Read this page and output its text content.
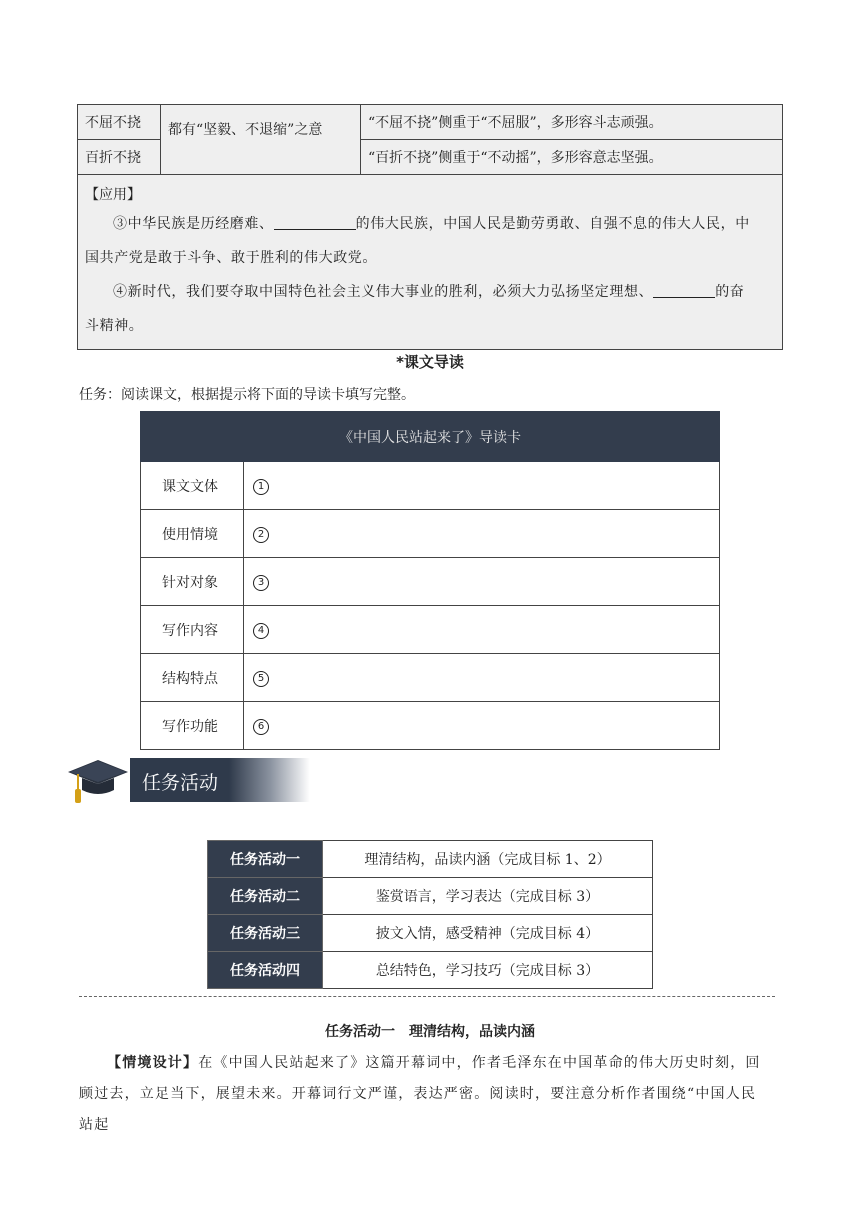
不屈不挠	都有“坚毅、不退缩”之意	“不屈不挠”侧重于“不屈服”，多形容斗志顽强。
百折不挠		“百折不挠”侧重于“不动摇”，多形容意志坚强。

【应用】

③中华民族是历经磨难、 的伟大民族，中国人民是勤劳勇敢、自强不息的伟大人民，中

国共产党是敢于斗争、敢于胜利的伟大政党。

④新时代，我们要夺取中国特色社会主义伟大事业的胜利，必须大力弘扬坚定理想、 的奋

斗精神。		

*课文导读
任务：阅读课文，根据提示将下面的导读卡填写完整。
《中国人民站起来了》导读卡	
课文文体	1
使用情境	2
针对对象	3
写作内容	4
结构特点	5
写作功能	6
任务活动
任务活动一	理清结构，品读内涵（完成目标 1、2）
任务活动二	鉴赏语言，学习表达（完成目标 3）
任务活动三	披文入情，感受精神（完成目标 4）
任务活动四	总结特色，学习技巧（完成目标 3）
任务活动一　理清结构，品读内涵

【情境设计】在《中国人民站起来了》这篇开幕词中，作者毛泽东在中国革命的伟大历史时刻，回顾过去，立足当下，展望未来。开幕词行文严谨，表达严密。阅读时，要注意分析作者围绕“中国人民站起
